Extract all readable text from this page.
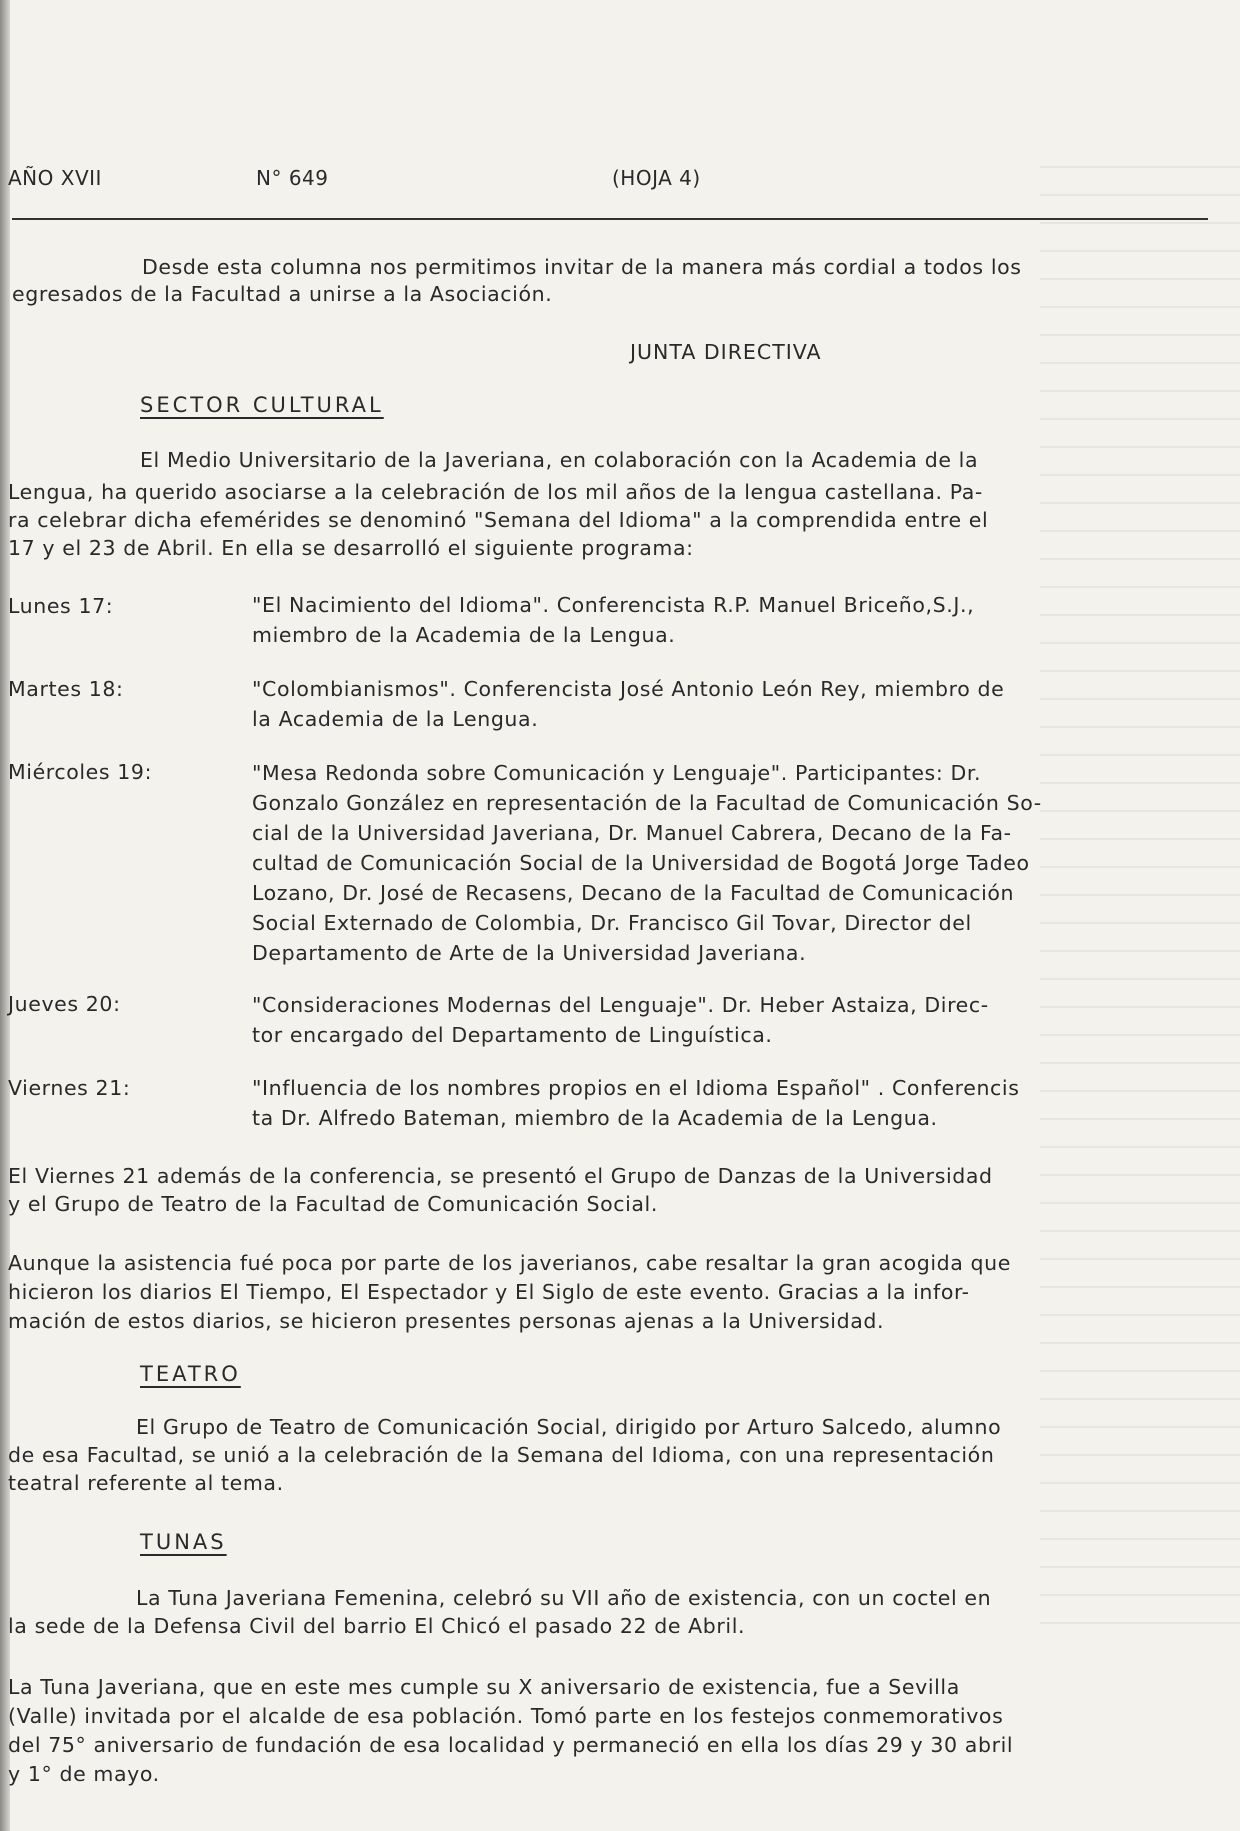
AÑO XVII	N° 649	(HOJA 4)
Desde esta columna nos permitimos invitar de la manera más cordial a todos los
egresados de la Facultad a unirse a la Asociación.
JUNTA DIRECTIVA
SECTOR CULTURAL
El Medio Universitario de la Javeriana, en colaboración con la Academia de la
Lengua, ha querido asociarse a la celebración de los mil años de la lengua castellana. Pa-
ra celebrar dicha efemérides se denominó "Semana del Idioma" a la comprendida entre el
17 y el 23 de Abril. En ella se desarrolló el siguiente programa:
Lunes 17:	"El Nacimiento del Idioma". Conferencista R.P. Manuel Briceño,S.J.,
miembro de la Academia de la Lengua.
Martes 18:	"Colombianismos". Conferencista José Antonio León Rey, miembro de
la Academia de la Lengua.
Miércoles 19:	"Mesa Redonda sobre Comunicación y Lenguaje". Participantes: Dr.
Gonzalo González en representación de la Facultad de Comunicación So-
cial de la Universidad Javeriana, Dr. Manuel Cabrera, Decano de la Fa-
cultad de Comunicación Social de la Universidad de Bogotá Jorge Tadeo
Lozano, Dr. José de Recasens, Decano de la Facultad de Comunicación
Social Externado de Colombia, Dr. Francisco Gil Tovar, Director del
Departamento de Arte de la Universidad Javeriana.
Jueves 20:	"Consideraciones Modernas del Lenguaje". Dr. Heber Astaiza, Direc-
tor encargado del Departamento de Linguística.
Viernes 21:	"Influencia de los nombres propios en el Idioma Español" . Conferencis
ta Dr. Alfredo Bateman, miembro de la Academia de la Lengua.
El Viernes 21 además de la conferencia, se presentó el Grupo de Danzas de la Universidad
y el Grupo de Teatro de la Facultad de Comunicación Social.
Aunque la asistencia fué poca por parte de los javerianos, cabe resaltar la gran acogida que
hicieron los diarios El Tiempo, El Espectador y El Siglo de este evento. Gracias a la infor-
mación de estos diarios, se hicieron presentes personas ajenas a la Universidad.
TEATRO
El Grupo de Teatro de Comunicación Social, dirigido por Arturo Salcedo, alumno
de esa Facultad, se unió a la celebración de la Semana del Idioma, con una representación
teatral referente al tema.
TUNAS
La Tuna Javeriana Femenina, celebró su VII año de existencia, con un coctel en
la sede de la Defensa Civil del barrio El Chicó el pasado 22 de Abril.
La Tuna Javeriana, que en este mes cumple su X aniversario de existencia, fue a Sevilla
(Valle) invitada por el alcalde de esa población. Tomó parte en los festejos conmemorativos
del 75° aniversario de fundación de esa localidad y permaneció en ella los días 29 y 30 abril
y 1° de mayo.
